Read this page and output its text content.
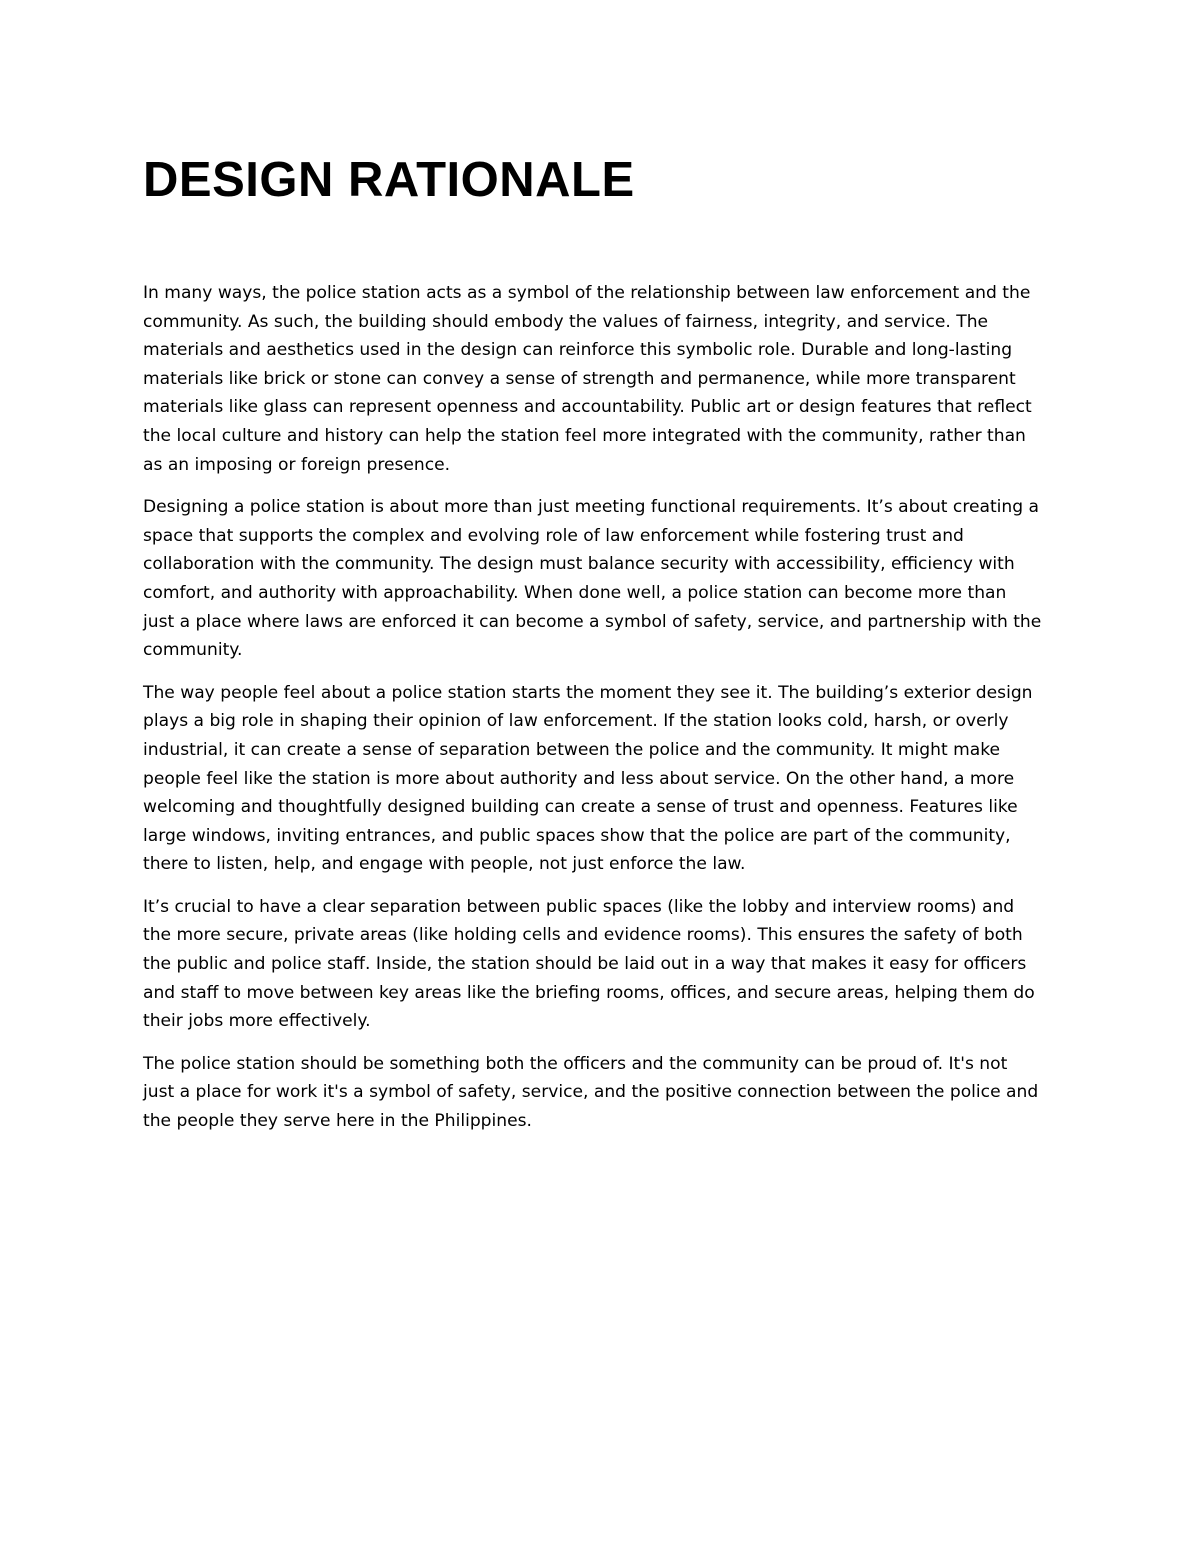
DESIGN RATIONALE

In many ways, the police station acts as a symbol of the relationship between law enforcement and the
community. As such, the building should embody the values of fairness, integrity, and service. The
materials and aesthetics used in the design can reinforce this symbolic role. Durable and long-lasting
materials like brick or stone can convey a sense of strength and permanence, while more transparent
materials like glass can represent openness and accountability. Public art or design features that reflect
the local culture and history can help the station feel more integrated with the community, rather than
as an imposing or foreign presence.

Designing a police station is about more than just meeting functional requirements. It’s about creating a
space that supports the complex and evolving role of law enforcement while fostering trust and
collaboration with the community. The design must balance security with accessibility, efficiency with
comfort, and authority with approachability. When done well, a police station can become more than
just a place where laws are enforced it can become a symbol of safety, service, and partnership with the
community.

The way people feel about a police station starts the moment they see it. The building’s exterior design
plays a big role in shaping their opinion of law enforcement. If the station looks cold, harsh, or overly
industrial, it can create a sense of separation between the police and the community. It might make
people feel like the station is more about authority and less about service. On the other hand, a more
welcoming and thoughtfully designed building can create a sense of trust and openness. Features like
large windows, inviting entrances, and public spaces show that the police are part of the community,
there to listen, help, and engage with people, not just enforce the law.

It’s crucial to have a clear separation between public spaces (like the lobby and interview rooms) and
the more secure, private areas (like holding cells and evidence rooms). This ensures the safety of both
the public and police staff. Inside, the station should be laid out in a way that makes it easy for officers
and staff to move between key areas like the briefing rooms, offices, and secure areas, helping them do
their jobs more effectively.

The police station should be something both the officers and the community can be proud of. It's not
just a place for work it's a symbol of safety, service, and the positive connection between the police and
the people they serve here in the Philippines.
